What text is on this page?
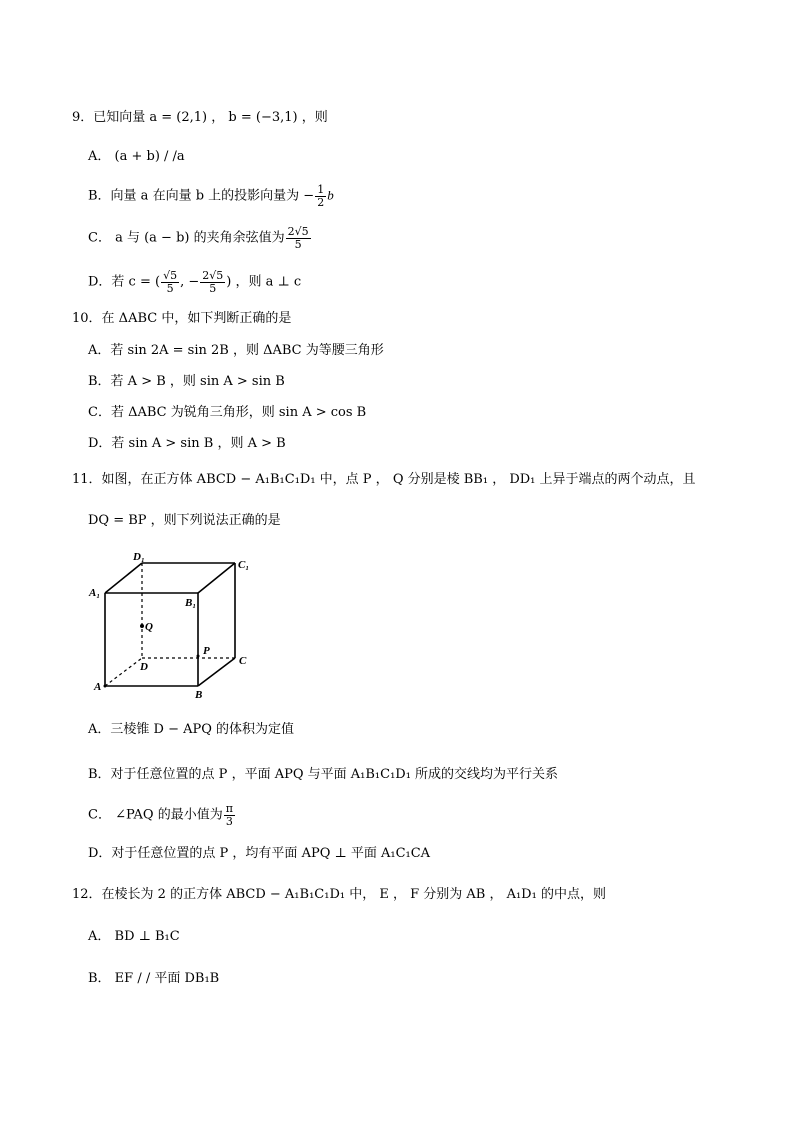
9．已知向量 a = (2,1) ， b = (−3,1) ，则
A． (a + b) / /a
B．向量 a 在向量 b 上的投影向量为 − $\frac{1}{2}$ b
C． a 与 (a − b) 的夹角余弦值为 $\frac{2√5}{5}$
D．若 c = ( $\frac{√5}{5}$ , − $\frac{2√5}{5}$ ) ，则 a ⊥ c
10．在 ΔABC 中，如下判断正确的是
A．若 sin 2A = sin 2B ，则 ΔABC 为等腰三角形
B．若 A > B ，则 sin A > sin B
C．若 ΔABC 为锐角三角形，则 sin A > cos B
D．若 sin A > sin B ，则 A > B
11．如图，在正方体 ABCD − A₁B₁C₁D₁ 中，点 P ， Q 分别是棱 BB₁ ， DD₁ 上异于端点的两个动点，且
DQ = BP ，则下列说法正确的是
D₁
C₁
A₁
B₁
Q
D
P
C
A
B
A．三棱锥 D − APQ 的体积为定值
B．对于任意位置的点 P ，平面 APQ 与平面 A₁B₁C₁D₁ 所成的交线均为平行关系
C． ∠PAQ 的最小值为 $\frac{\pi}{3}$
D．对于任意位置的点 P ，均有平面 APQ ⊥ 平面 A₁C₁CA
12．在棱长为 2 的正方体 ABCD − A₁B₁C₁D₁ 中， E ， F 分别为 AB ， A₁D₁ 的中点，则
A． BD ⊥ B₁C
B． EF / / 平面 DB₁B
